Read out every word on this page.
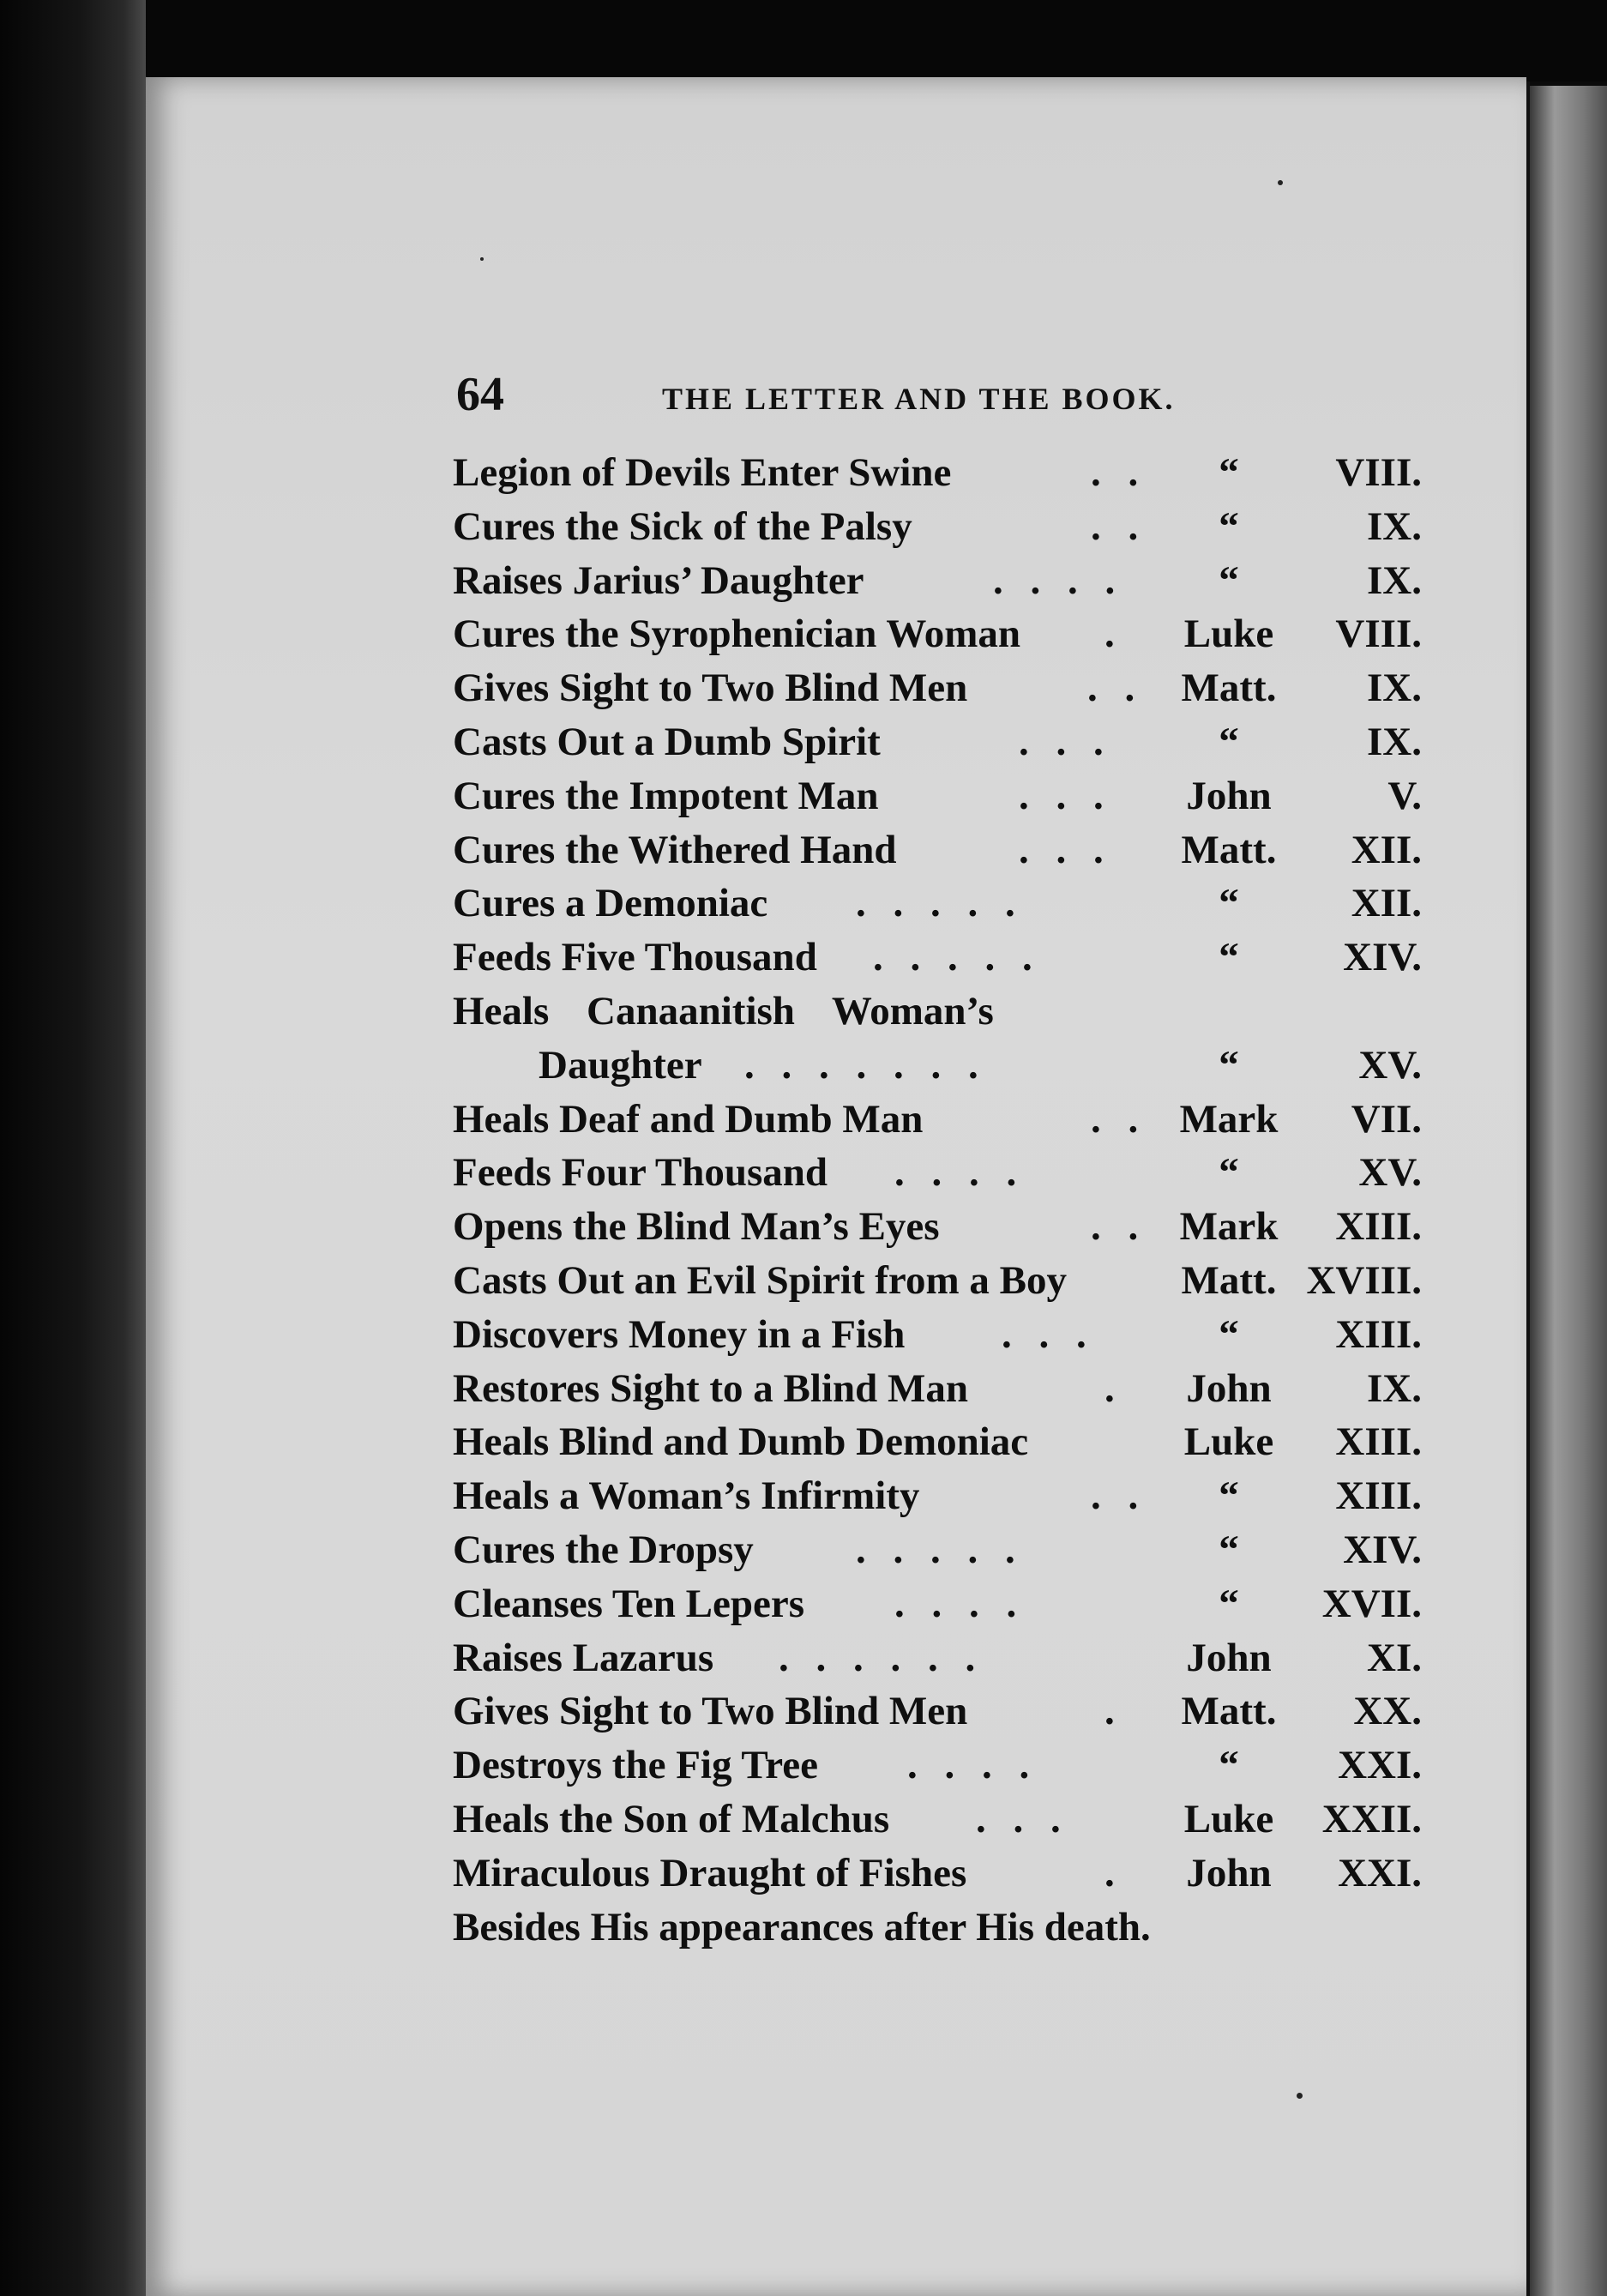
64	THE LETTER AND THE BOOK.
Legion of Devils Enter Swine	. .	“	VIII.
Cures the Sick of the Palsy	. .	“	IX.
Raises Jarius’ Daughter	. . . .	“	IX.
Cures the Syrophenician Woman .	Luke	VIII.
Gives Sight to Two Blind Men	. . Matt.	IX.
Casts Out a Dumb Spirit	. . .	“	IX.
Cures the Impotent Man	. . .	John	V.
Cures the Withered Hand	. . .	Matt.	XII.
Cures a Demoniac . . . . .	“	XII.
Feeds Five Thousand . . . . .	“	XIV.
Heals Canaanitish Woman’s
Daughter . . . . . . .	“	XV.
Heals Deaf and Dumb Man	. . Mark	VII.
Feeds Four Thousand . . . .	“	XV.
Opens the Blind Man’s Eyes	. . Mark	XIII.
Casts Out an Evil Spirit from a Boy	Matt. XVIII.
Discovers Money in a Fish . . .	“	XIII.
Restores Sight to a Blind Man	.	John	IX.
Heals Blind and Dumb Demoniac	Luke	XIII.
Heals a Woman’s Infirmity	. .	“	XIII.
Cures the Dropsy	. . . . .	“	XIV.
Cleanses Ten Lepers . . . .	“	XVII.
Raises Lazarus . . . . . .	John	XI.
Gives Sight to Two Blind Men	.	Matt.	XX.
Destroys the Fig Tree . . . .	“	XXI.
Heals the Son of Malchus . . .	Luke	XXII.
Miraculous Draught of Fishes	.	John	XXI.
Besides His appearances after His death.
